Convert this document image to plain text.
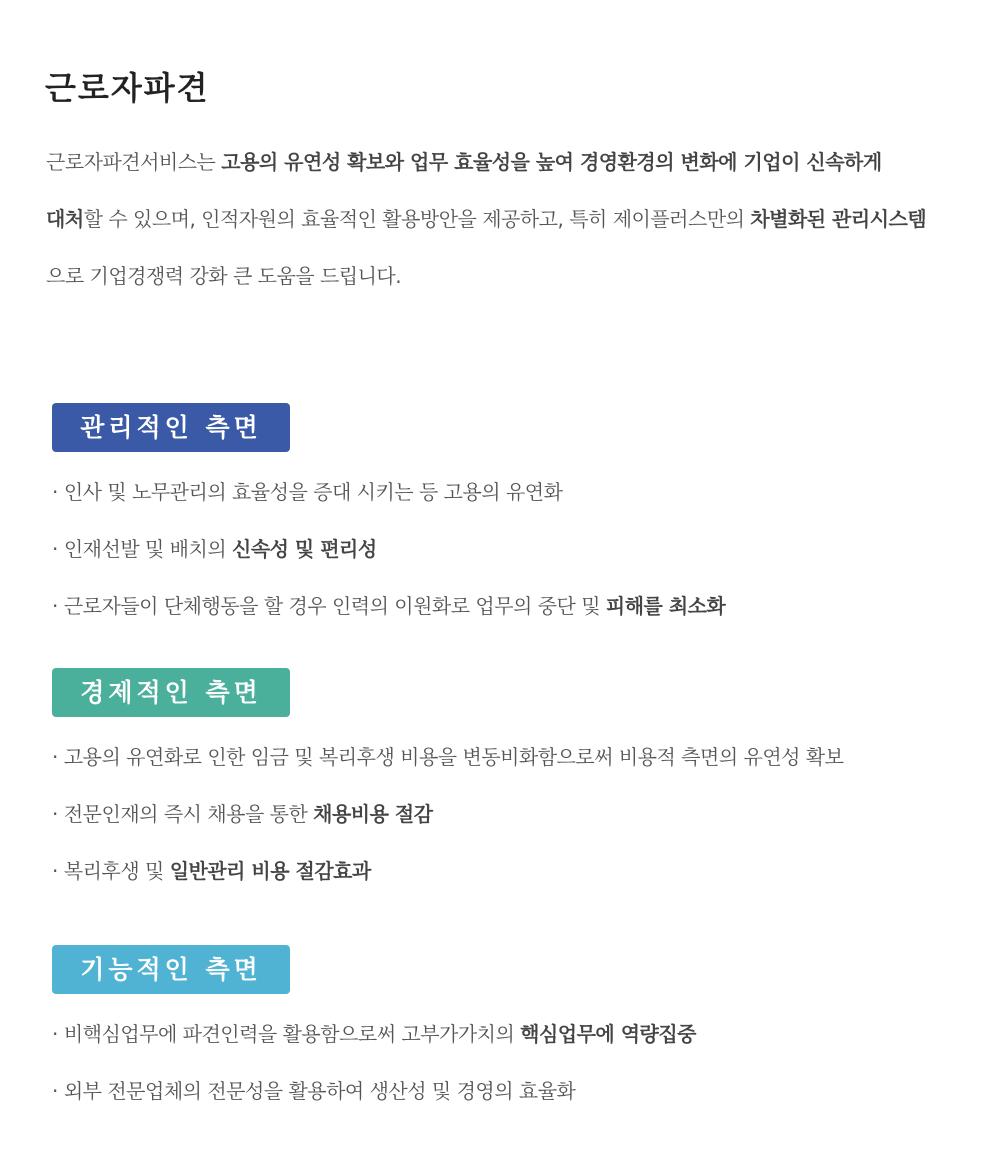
근로자파견
근로자파견서비스는 고용의 유연성 확보와 업무 효율성을 높여 경영환경의 변화에 기업이 신속하게
대처할 수 있으며, 인적자원의 효율적인 활용방안을 제공하고, 특히 제이플러스만의 차별화된 관리시스템
으로 기업경쟁력 강화 큰 도움을 드립니다.
관리적인 측면
· 인사 및 노무관리의 효율성을 증대 시키는 등 고용의 유연화
· 인재선발 및 배치의 신속성 및 편리성
· 근로자들이 단체행동을 할 경우 인력의 이원화로 업무의 중단 및 피해를 최소화
경제적인 측면
· 고용의 유연화로 인한 임금 및 복리후생 비용을 변동비화함으로써 비용적 측면의 유연성 확보
· 전문인재의 즉시 채용을 통한 채용비용 절감
· 복리후생 및 일반관리 비용 절감효과
기능적인 측면
· 비핵심업무에 파견인력을 활용함으로써 고부가가치의 핵심업무에 역량집중
· 외부 전문업체의 전문성을 활용하여 생산성 및 경영의 효율화
